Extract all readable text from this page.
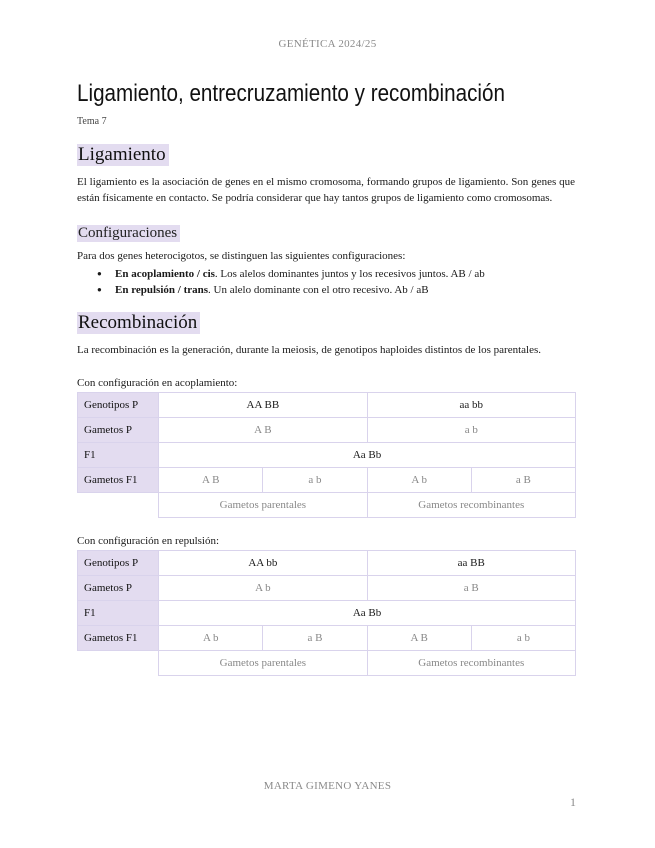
GENÉTICA 2024/25
Ligamiento, entrecruzamiento y recombinación
Tema 7
Ligamiento

El ligamiento es la asociación de genes en el mismo cromosoma, formando grupos de ligamiento. Son genes que están físicamente en contacto. Se podría considerar que hay tantos grupos de ligamiento como cromosomas.

Configuraciones

Para dos genes heterocigotos, se distinguen las siguientes configuraciones:

● En acoplamiento / cis. Los alelos dominantes juntos y los recesivos juntos. AB / ab
● En repulsión / trans. Un alelo dominante con el otro recesivo. Ab / aB
Recombinación

La recombinación es la generación, durante la meiosis, de genotipos haploides distintos de los parentales.

Con configuración en acoplamiento:

Genotipos P	AA BB		aa bb	
Gametos P	A B		a b	
F1	Aa Bb			
Gametos F1	A B	a b	A b	a B
	Gametos parentales		Gametos recombinantes	

Con configuración en repulsión:

Genotipos P	AA bb		aa BB	
Gametos P	A b		a B	
F1	Aa Bb			
Gametos F1	A b	a B	A B	a b
	Gametos parentales		Gametos recombinantes	
MARTA GIMENO YANES
1
